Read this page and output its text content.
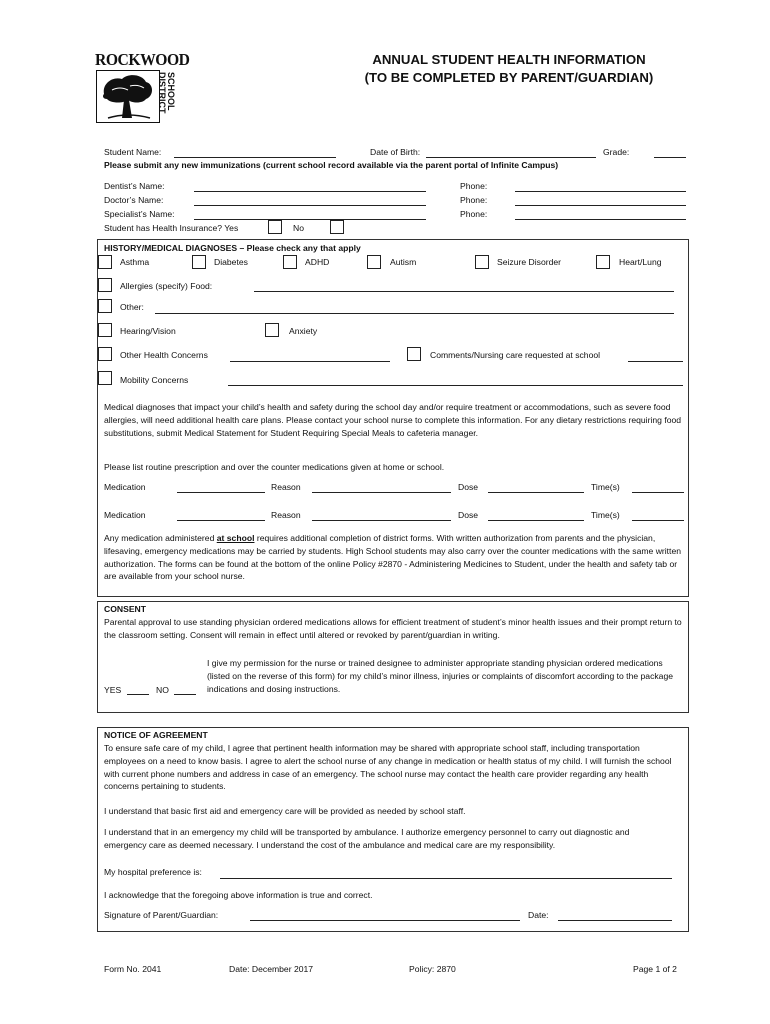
ROCKWOOD
SCHOOL DISTRICT
ANNUAL STUDENT HEALTH INFORMATION
(TO BE COMPLETED BY PARENT/GUARDIAN)
Student Name:	Date of Birth:	Grade:
Please submit any new immunizations (current school record available via the parent portal of Infinite Campus)
Dentist’s Name:	Phone:
Doctor’s Name:	Phone:
Specialist’s Name:	Phone:
Student has Health Insurance? Yes	No
HISTORY/MEDICAL DIAGNOSES – Please check any that apply
Asthma	Diabetes	ADHD	Autism	Seizure Disorder	Heart/Lung
Allergies (specify) Food:
Other:
Hearing/Vision	Anxiety
Other Health Concerns	Comments/Nursing care requested at school
Mobility Concerns
Medical diagnoses that impact your child’s health and safety during the school day and/or require treatment or accommodations, such as severe food allergies, will need additional health care plans. Please contact your school nurse to complete this information. For any dietary restrictions requiring food substitutions, submit Medical Statement for Student Requiring Special Meals to cafeteria manager.
Please list routine prescription and over the counter medications given at home or school.
Medication	Reason	Dose	Time(s)
Medication	Reason	Dose	Time(s)
Any medication administered at school requires additional completion of district forms. With written authorization from parents and the physician, lifesaving, emergency medications may be carried by students. High School students may also carry over the counter medications with the same written authorization. The forms can be found at the bottom of the online Policy #2870 - Administering Medicines to Student, under the health and safety tab or are available from your school nurse.
CONSENT
Parental approval to use standing physician ordered medications allows for efficient treatment of student’s minor health issues and their prompt return to the classroom setting. Consent will remain in effect until altered or revoked by parent/guardian in writing.
I give my permission for the nurse or trained designee to administer appropriate standing physician ordered medications (listed on the reverse of this form) for my child’s minor illness, injuries or complaints of discomfort according to the package indications and dosing instructions.
YES	NO
NOTICE OF AGREEMENT
To ensure safe care of my child, I agree that pertinent health information may be shared with appropriate school staff, including transportation employees on a need to know basis. I agree to alert the school nurse of any change in medication or health status of my child. I will furnish the school with current phone numbers and address in case of an emergency. The school nurse may contact the health care provider regarding any health concerns pertaining to students.
I understand that basic first aid and emergency care will be provided as needed by school staff.
I understand that in an emergency my child will be transported by ambulance. I authorize emergency personnel to carry out diagnostic and emergency care as deemed necessary. I understand the cost of the ambulance and medical care are my responsibility.
My hospital preference is:
I acknowledge that the foregoing above information is true and correct.
Signature of Parent/Guardian:	Date:
Form No. 2041	Date: December 2017	Policy: 2870	Page 1 of 2
